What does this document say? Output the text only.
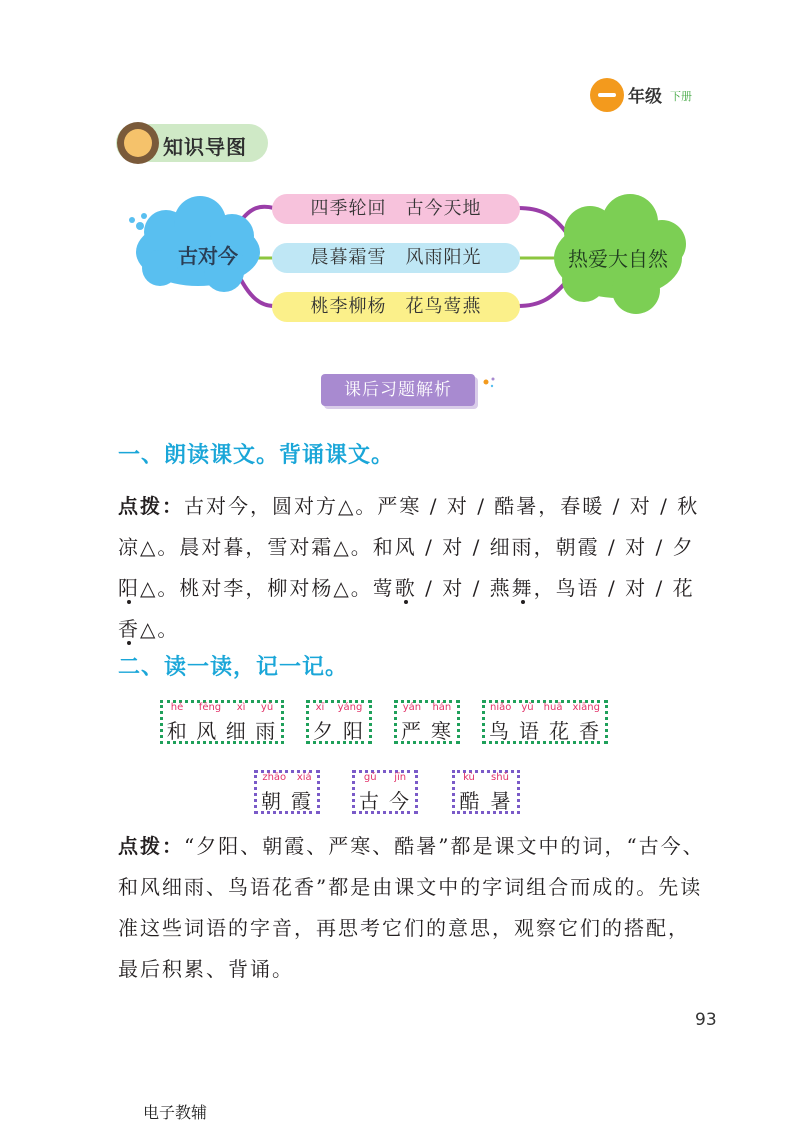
年级 下册
知识导图
古对今
四季轮回　古今天地
晨暮霜雪　风雨阳光
桃李柳杨　花鸟莺燕
热爱大自然
课后习题解析
一、朗读课文。背诵课文。
点拨：古对今，圆对方△。严寒 / 对 / 酷暑，春暖 / 对 / 秋凉△。晨对暮，雪对霜△。和风 / 对 / 细雨，朝霞 / 对 / 夕阳△。桃对李，柳对杨△。莺歌 / 对 / 燕舞，鸟语 / 对 / 花香△。
二、读一读，记一记。
hé fēng xì yǔ
和 风 细 雨
xī yáng
夕 阳
yán hán
严 寒
niǎo yǔ huā xiāng
鸟 语 花 香
zhāo xiá
朝 霞
gǔ jīn
古 今
kù shǔ
酷 暑
点拨：“夕阳、朝霞、严寒、酷暑”都是课文中的词，“古今、和风细雨、鸟语花香”都是由课文中的字词组合而成的。先读准这些词语的字音，再思考它们的意思，观察它们的搭配，最后积累、背诵。
93
电子教辅
